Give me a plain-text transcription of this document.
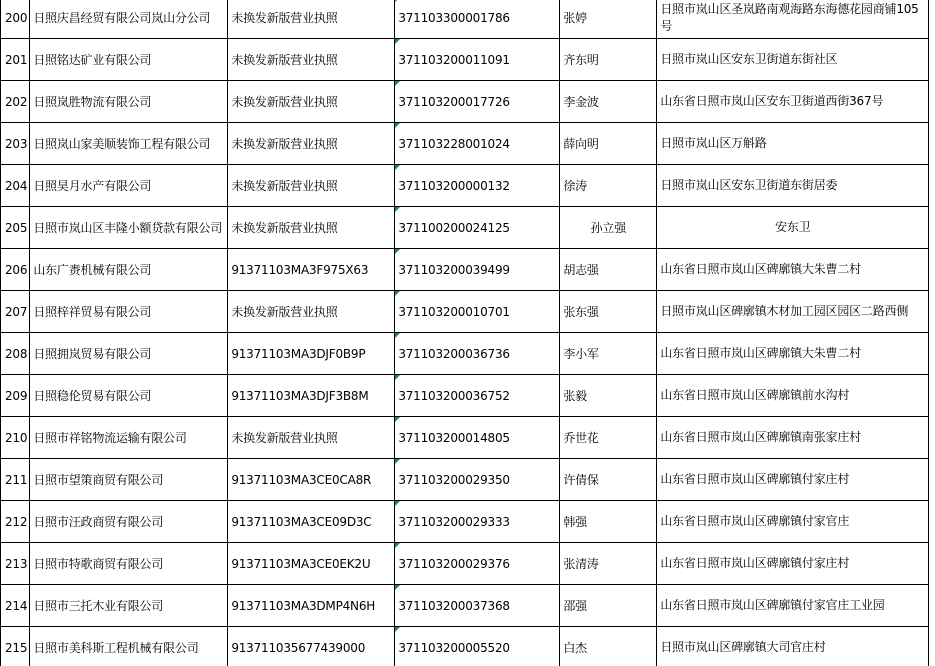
200	日照庆昌经贸有限公司岚山分公司	未换发新版营业执照	371103300001786	张婷	日照市岚山区圣岚路南观海路东海德花园商铺105号
201	日照铭达矿业有限公司	未换发新版营业执照	371103200011091	齐东明	日照市岚山区安东卫街道东街社区
202	日照岚胜物流有限公司	未换发新版营业执照	371103200017726	李金波	山东省日照市岚山区安东卫街道西街367号
203	日照岚山家美顺装饰工程有限公司	未换发新版营业执照	371103228001024	薛向明	日照市岚山区万斛路
204	日照昊月水产有限公司	未换发新版营业执照	371103200000132	徐涛	日照市岚山区安东卫街道东街居委
205	日照市岚山区丰隆小额贷款有限公司	未换发新版营业执照	371100200024125	孙立强	安东卫
206	山东广赉机械有限公司	91371103MA3F975X63	371103200039499	胡志强	山东省日照市岚山区碑廓镇大朱曹二村
207	日照梓祥贸易有限公司	未换发新版营业执照	371103200010701	张东强	日照市岚山区碑廓镇木材加工园区园区二路西侧
208	日照拥岚贸易有限公司	91371103MA3DJF0B9P	371103200036736	李小军	山东省日照市岚山区碑廓镇大朱曹二村
209	日照稳伦贸易有限公司	91371103MA3DJF3B8M	371103200036752	张毅	山东省日照市岚山区碑廓镇前水沟村
210	日照市祥铭物流运输有限公司	未换发新版营业执照	371103200014805	乔世花	山东省日照市岚山区碑廓镇南张家庄村
211	日照市望策商贸有限公司	91371103MA3CE0CA8R	371103200029350	许倩保	山东省日照市岚山区碑廓镇付家庄村
212	日照市汪政商贸有限公司	91371103MA3CE09D3C	371103200029333	韩强	山东省日照市岚山区碑廓镇付家官庄
213	日照市特歌商贸有限公司	91371103MA3CE0EK2U	371103200029376	张清涛	山东省日照市岚山区碑廓镇付家庄村
214	日照市三托木业有限公司	91371103MA3DMP4N6H	371103200037368	邵强	山东省日照市岚山区碑廓镇付家官庄工业园
215	日照市美科斯工程机械有限公司	913711035677439000	371103200005520	白杰	日照市岚山区碑廓镇大司官庄村
